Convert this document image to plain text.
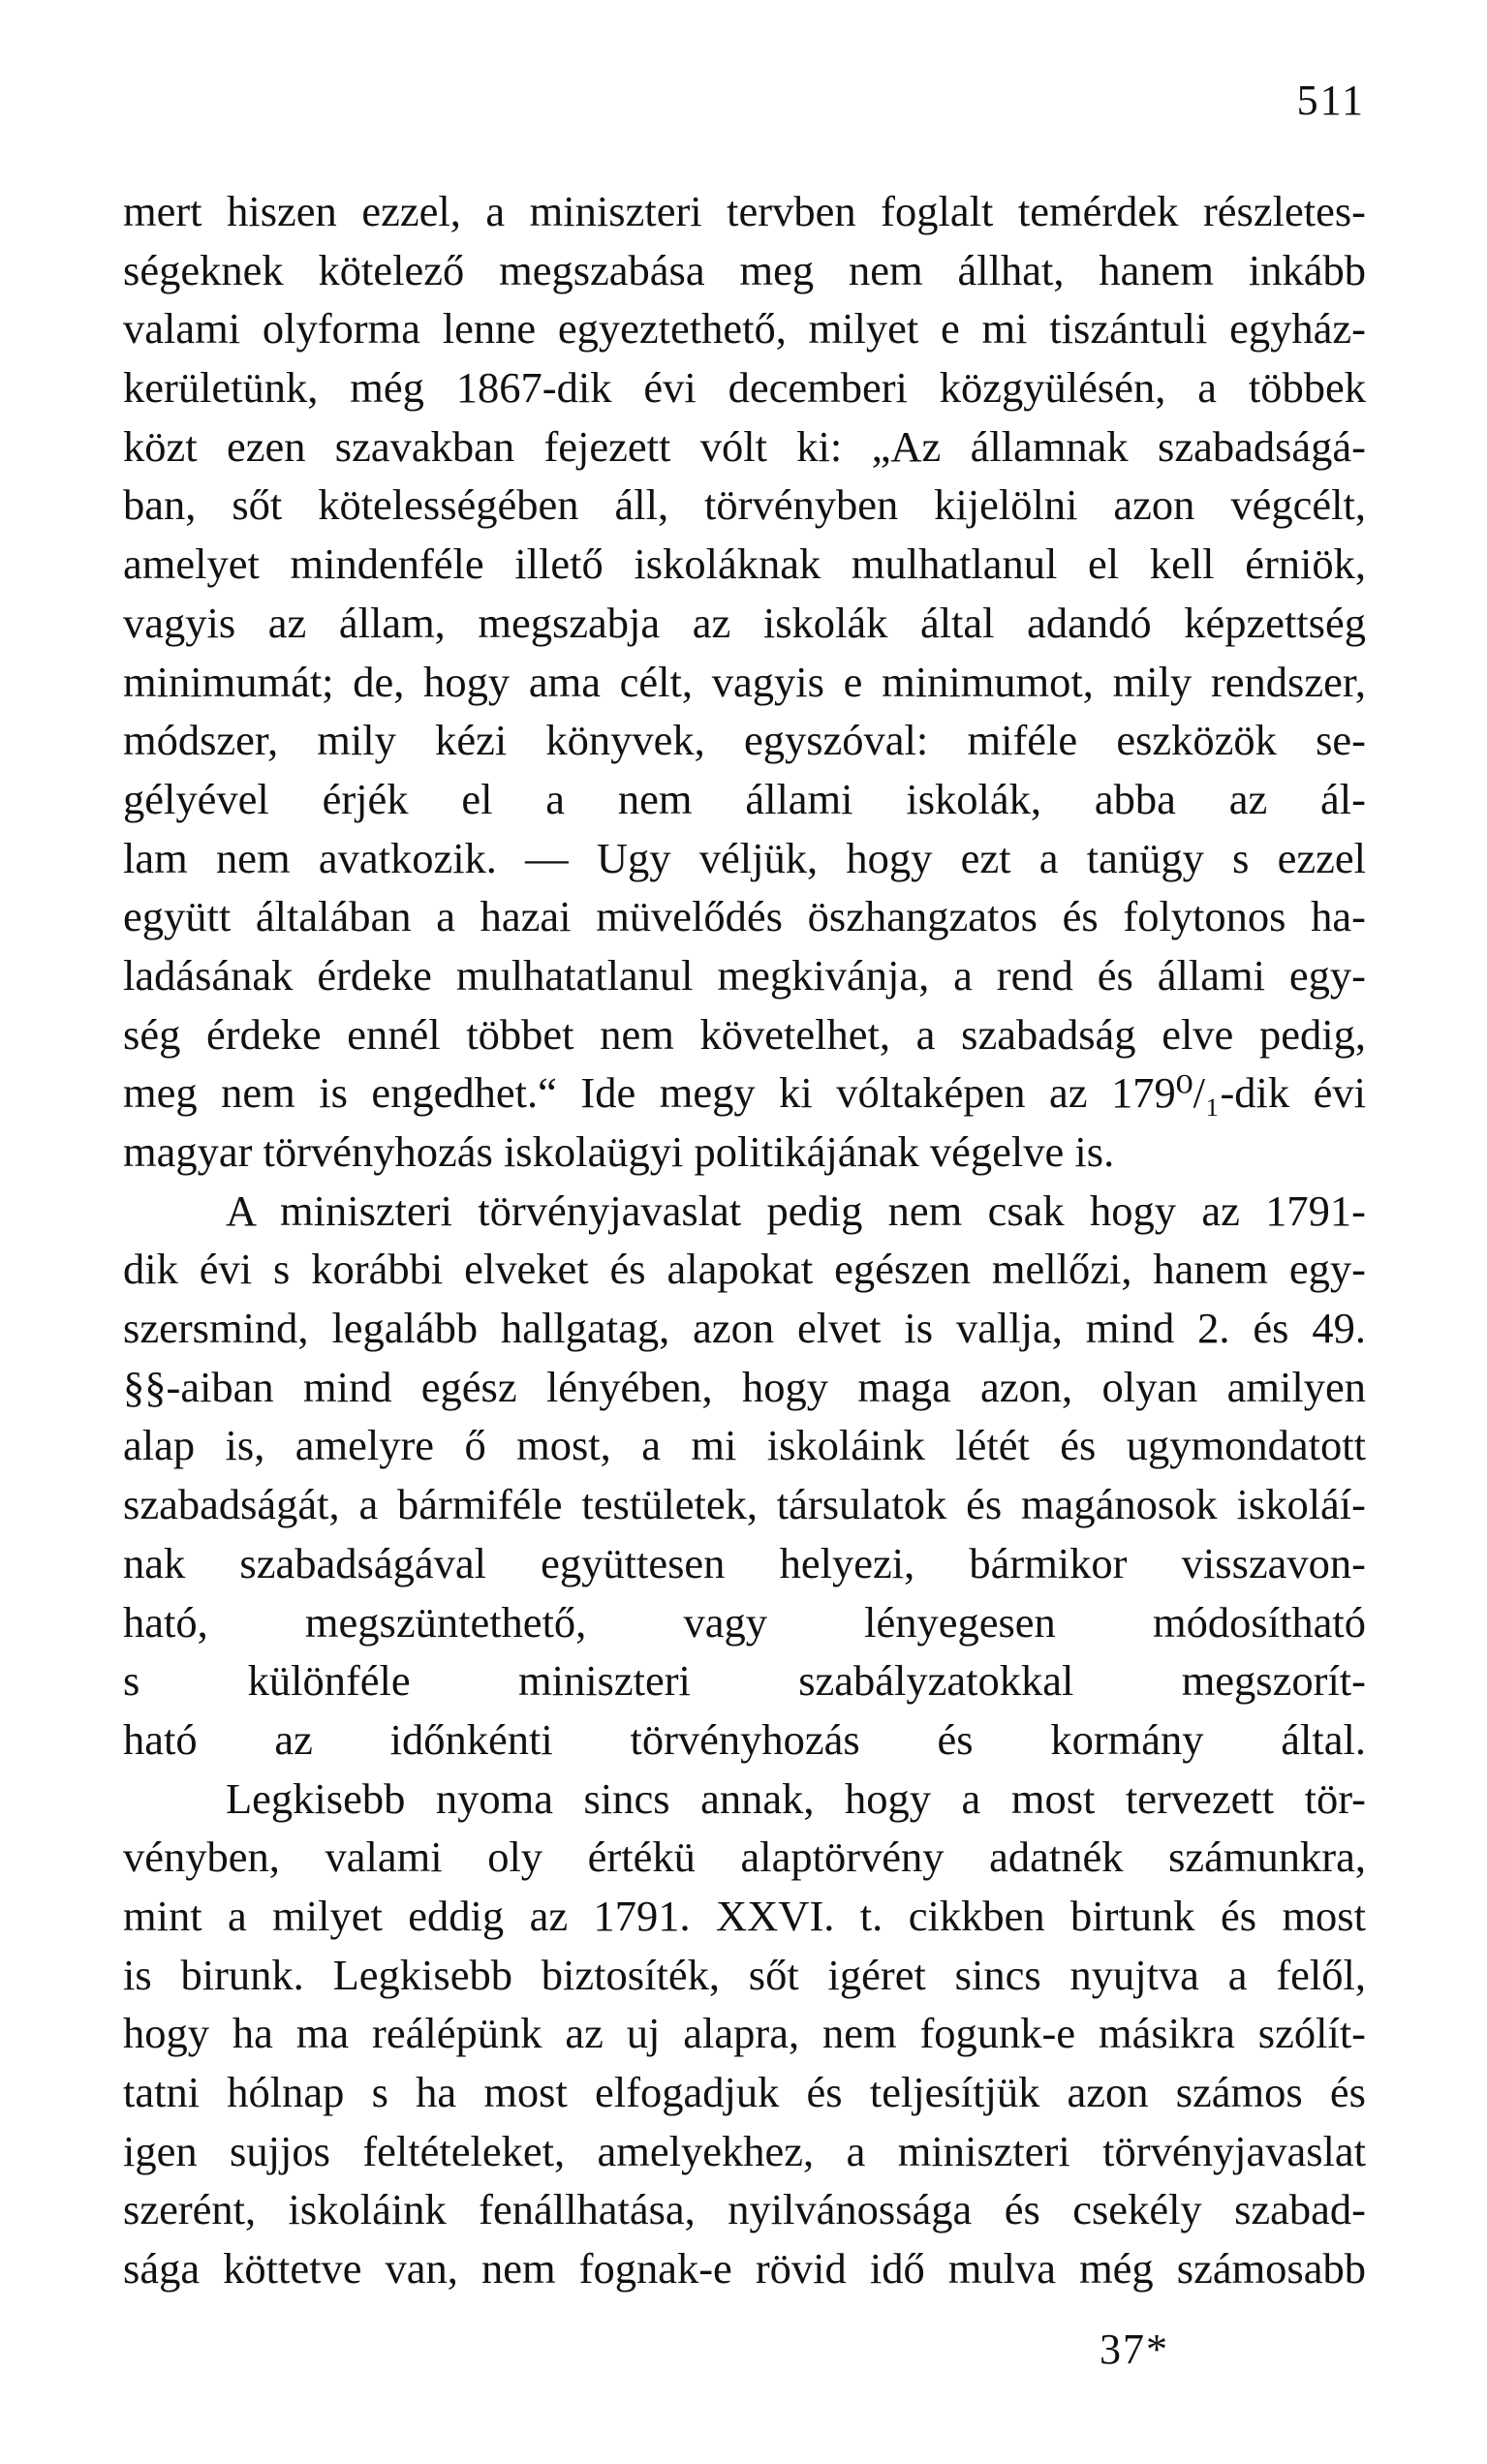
511
mert hiszen ezzel, a miniszteri tervben foglalt temérdek részletes-
ségeknek kötelező megszabása meg nem állhat, hanem inkább
valami olyforma lenne egyeztethető, milyet e mi tiszántuli egyház-
kerületünk, még 1867-dik évi decemberi közgyülésén, a többek
közt ezen szavakban fejezett vólt ki: „Az államnak szabadságá-
ban, sőt kötelességében áll, törvényben kijelölni azon végcélt,
amelyet mindenféle illető iskoláknak mulhatlanul el kell érniök,
vagyis az állam, megszabja az iskolák által adandó képzettség
minimumát; de, hogy ama célt, vagyis e minimumot, mily rendszer,
módszer, mily kézi könyvek, egyszóval: miféle eszközök se-
gélyével érjék el a nem állami iskolák, abba az ál-
lam nem avatkozik. — Ugy véljük, hogy ezt a tanügy s ezzel
együtt általában a hazai müvelődés öszhangzatos és folytonos ha-
ladásának érdeke mulhatatlanul megkivánja, a rend és állami egy-
ség érdeke ennél többet nem követelhet, a szabadság elve pedig,
meg nem is engedhet.“ Ide megy ki vóltaképen az 179⁰/₁-dik évi
magyar törvényhozás iskolaügyi politikájának végelve is.
A miniszteri törvényjavaslat pedig nem csak hogy az 1791-
dik évi s korábbi elveket és alapokat egészen mellőzi, hanem egy-
szersmind, legalább hallgatag, azon elvet is vallja, mind 2. és 49.
§§-aiban mind egész lényében, hogy maga azon, olyan amilyen
alap is, amelyre ő most, a mi iskoláink létét és ugymondatott
szabadságát, a bármiféle testületek, társulatok és magánosok iskoláí-
nak szabadságával együttesen helyezi, bármikor visszavon-
ható, megszüntethető, vagy lényegesen módosítható
s különféle miniszteri szabályzatokkal megszorít-
ható az időnkénti törvényhozás és kormány által.
Legkisebb nyoma sincs annak, hogy a most tervezett tör-
vényben, valami oly értékü alaptörvény adatnék számunkra,
mint a milyet eddig az 1791. XXVI. t. cikkben birtunk és most
is birunk. Legkisebb biztosíték, sőt igéret sincs nyujtva a felől,
hogy ha ma reálépünk az uj alapra, nem fogunk-e másikra szólít-
tatni hólnap s ha most elfogadjuk és teljesítjük azon számos és
igen sujjos feltételeket, amelyekhez, a miniszteri törvényjavaslat
szerént, iskoláink fenállhatása, nyilvánossága és csekély szabad-
sága köttetve van, nem fognak-e rövid idő mulva még számosabb
37*
